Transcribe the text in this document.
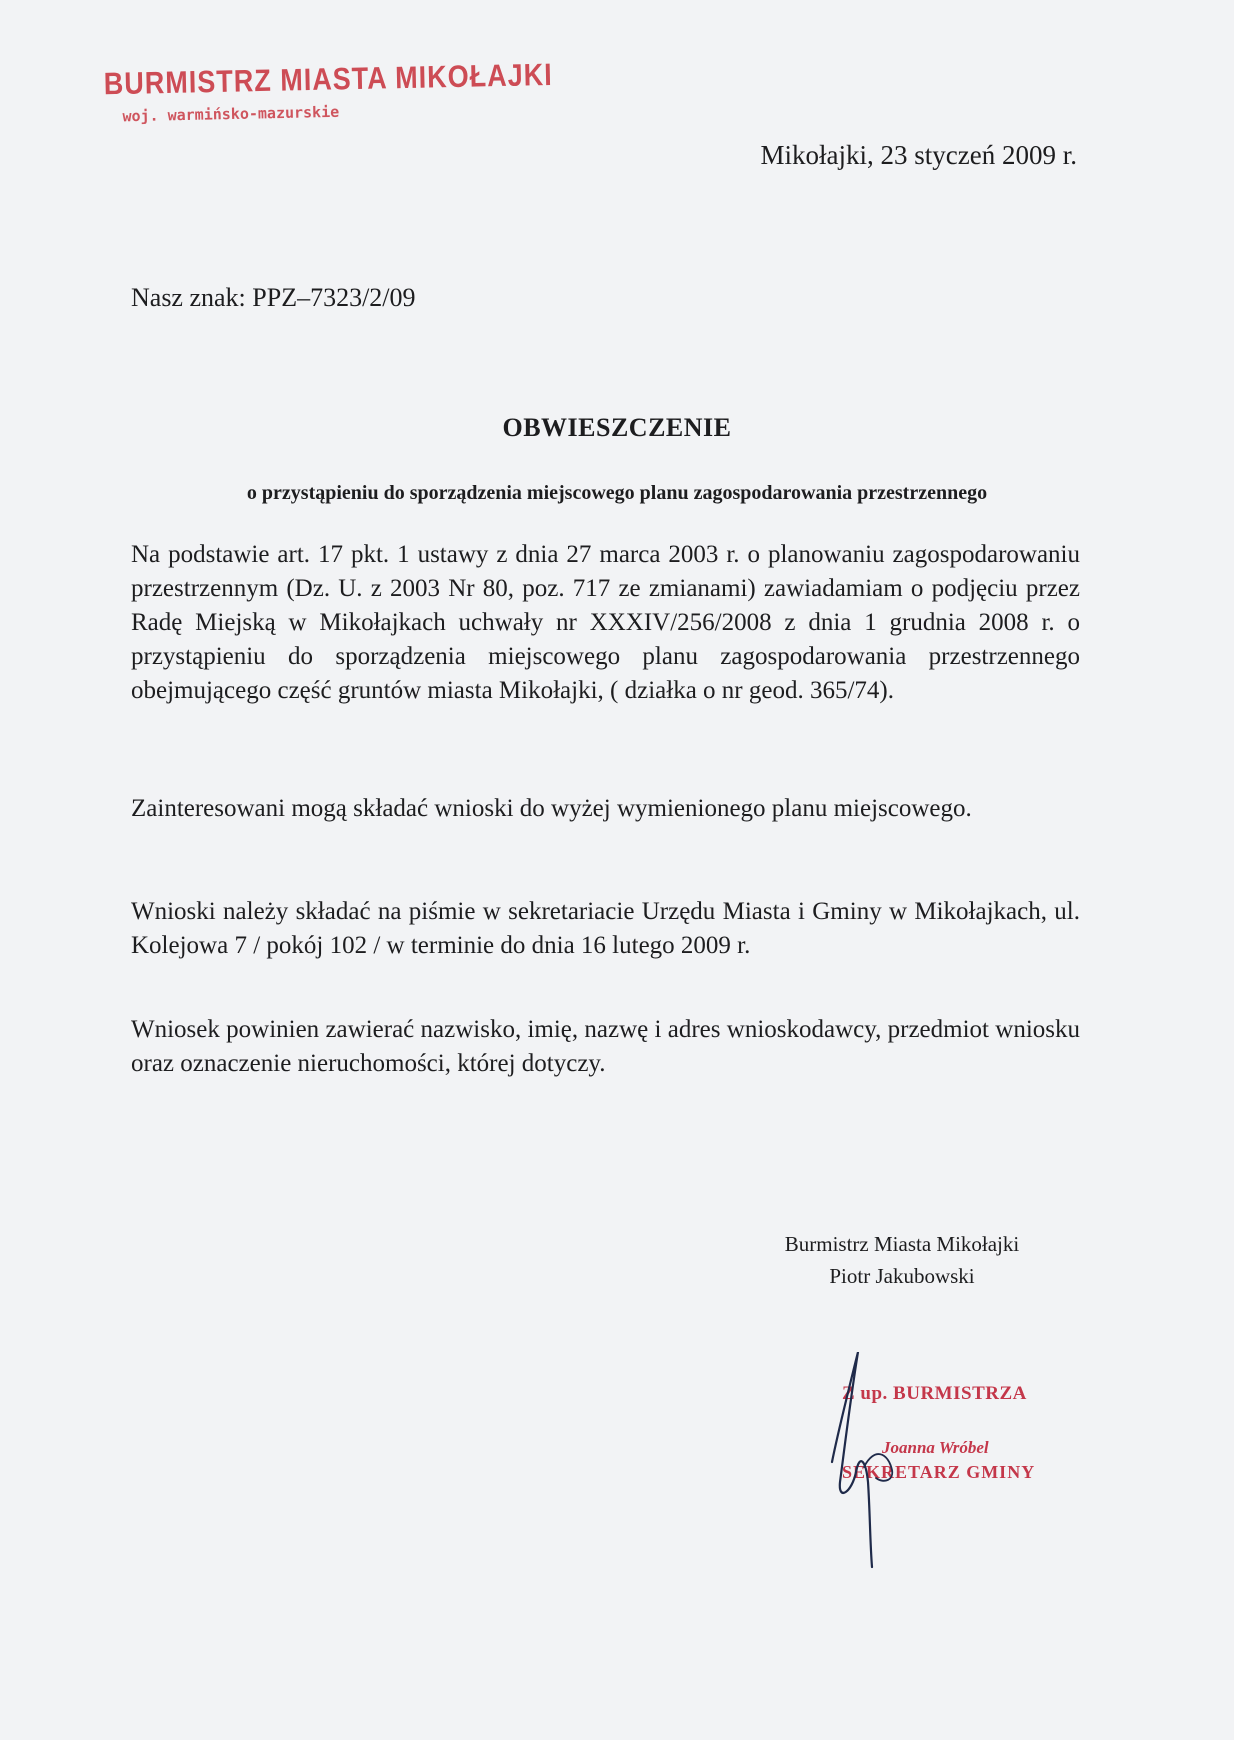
BURMISTRZ MIASTA MIKOŁAJKI
woj. warmińsko-mazurskie
Mikołajki, 23 styczeń 2009 r.
Nasz znak: PPZ–7323/2/09
OBWIESZCZENIE
o przystąpieniu do sporządzenia miejscowego planu zagospodarowania przestrzennego
Na podstawie art. 17 pkt. 1 ustawy z dnia 27 marca 2003 r. o planowaniu zagospodarowaniu przestrzennym (Dz. U. z 2003 Nr 80, poz. 717 ze zmianami) zawiadamiam o podjęciu przez Radę Miejską w Mikołajkach uchwały nr XXXIV/256/2008 z dnia 1 grudnia 2008 r. o przystąpieniu do sporządzenia miejscowego planu zagospodarowania przestrzennego obejmującego część gruntów miasta Mikołajki, ( działka o nr geod. 365/74).
Zainteresowani mogą składać wnioski do wyżej wymienionego planu miejscowego.
Wnioski należy składać na piśmie w sekretariacie Urzędu Miasta i Gminy w Mikołajkach, ul. Kolejowa 7 / pokój 102 / w terminie do dnia 16 lutego 2009 r.
Wniosek powinien zawierać nazwisko, imię, nazwę i adres wnioskodawcy, przedmiot wniosku oraz oznaczenie nieruchomości, której dotyczy.
Burmistrz Miasta Mikołajki
Piotr Jakubowski
Z up. BURMISTRZA
Joanna Wróbel
SEKRETARZ GMINY
